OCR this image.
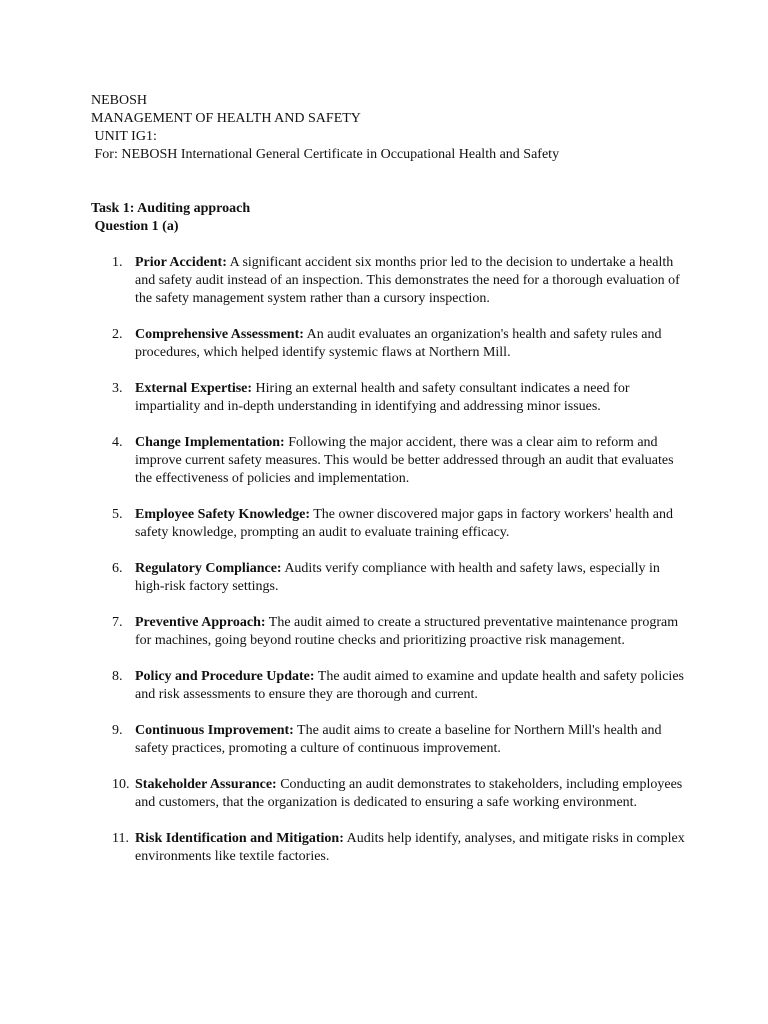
NEBOSH

MANAGEMENT OF HEALTH AND SAFETY

UNIT IG1:

For: NEBOSH International General Certificate in Occupational Health and Safety

Task 1: Auditing approach

Question 1 (a)

1. Prior Accident: A significant accident six months prior led to the decision to undertake a health and safety audit instead of an inspection. This demonstrates the need for a thorough evaluation of the safety management system rather than a cursory inspection.
2. Comprehensive Assessment: An audit evaluates an organization's health and safety rules and procedures, which helped identify systemic flaws at Northern Mill.
3. External Expertise: Hiring an external health and safety consultant indicates a need for impartiality and in-depth understanding in identifying and addressing minor issues.
4. Change Implementation: Following the major accident, there was a clear aim to reform and improve current safety measures. This would be better addressed through an audit that evaluates the effectiveness of policies and implementation.
5. Employee Safety Knowledge: The owner discovered major gaps in factory workers' health and safety knowledge, prompting an audit to evaluate training efficacy.
6. Regulatory Compliance: Audits verify compliance with health and safety laws, especially in high-risk factory settings.
7. Preventive Approach: The audit aimed to create a structured preventative maintenance program for machines, going beyond routine checks and prioritizing proactive risk management.
8. Policy and Procedure Update: The audit aimed to examine and update health and safety policies and risk assessments to ensure they are thorough and current.
9. Continuous Improvement: The audit aims to create a baseline for Northern Mill's health and safety practices, promoting a culture of continuous improvement.
10. Stakeholder Assurance: Conducting an audit demonstrates to stakeholders, including employees and customers, that the organization is dedicated to ensuring a safe working environment.
11. Risk Identification and Mitigation: Audits help identify, analyses, and mitigate risks in complex environments like textile factories.
